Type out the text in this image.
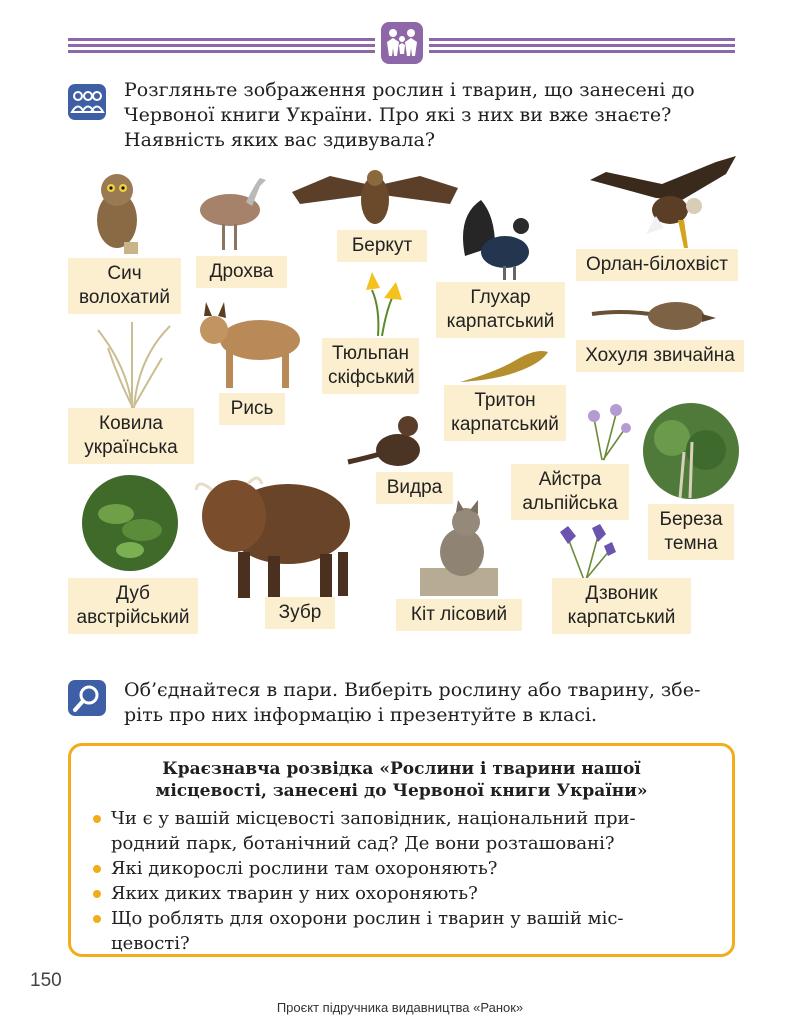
Розгляньте зображення рослин і тварин, що занесені до
Червоної книги України. Про які з них ви вже знаєте?
Наявність яких вас здивувала?
Сич
волохатий
Дрохва
Беркут
Глухар
карпатський
Орлан-білохвіст
Тюльпан
скіфський
Хохуля звичайна
Рись
Ковила
українська
Тритон
карпатський
Видра	Айстра
альпійська
Береза
темна
Дуб
австрійський	Зубр	Кіт лісовий
Дзвоник
карпатський
Об’єднайтеся в пари. Виберіть рослину або тварину, збе-
ріть про них інформацію і презентуйте в класі.
Краєзнавча розвідка «Рослини і тварини нашої
місцевості, занесені до Червоної книги України»
Чи є у вашій місцевості заповідник, національний при-
родний парк, ботанічний сад? Де вони розташовані?
Які дикорослі рослини там охороняють?
Яких диких тварин у них охороняють?
Що роблять для охорони рослин і тварин у вашій міс-
цевості?
150
Проєкт підручника видавництва «Ранок»
